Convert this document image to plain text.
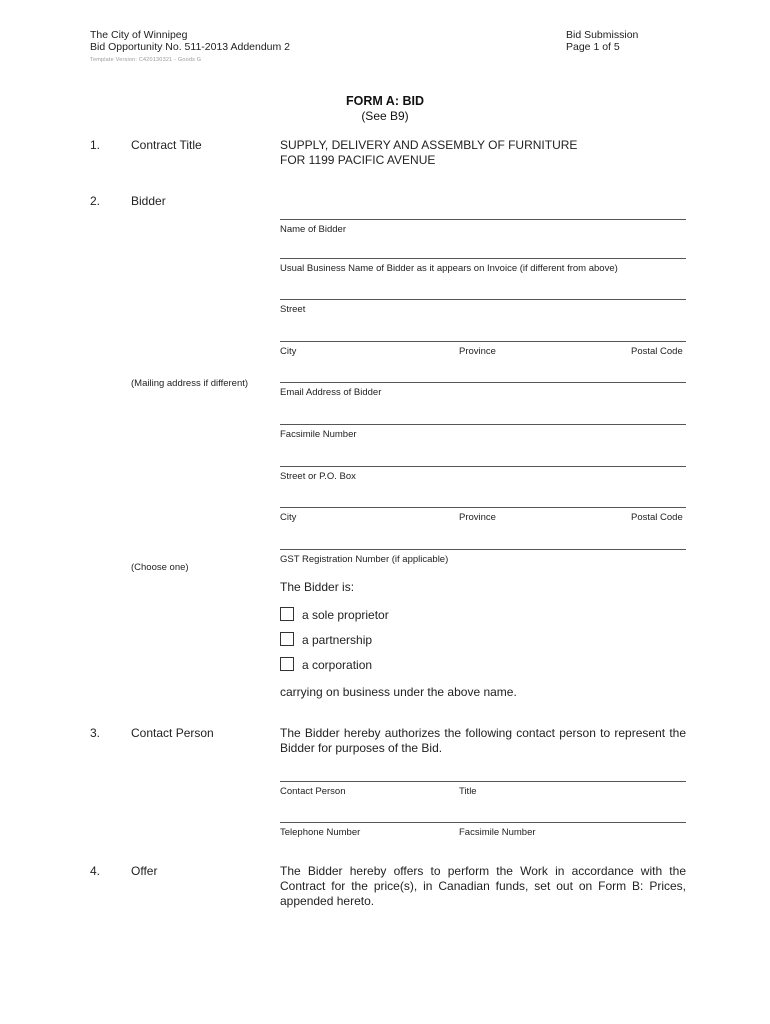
The City of Winnipeg
Bid Opportunity No. 511-2013 Addendum 2
Template Version: C420130321 - Goods G
Bid Submission
Page 1 of 5
FORM A: BID
(See B9)
1.	Contract Title	SUPPLY, DELIVERY AND ASSEMBLY OF FURNITURE
FOR 1199 PACIFIC AVENUE
2.	Bidder
Name of Bidder
Usual Business Name of Bidder as it appears on Invoice (if different from above)
Street
City	Province	Postal Code
(Mailing address if different)
Email Address of Bidder
Facsimile Number
Street or P.O. Box
City	Province	Postal Code
GST Registration Number (if applicable)
(Choose one)
The Bidder is:
a sole proprietor
a partnership
a corporation
carrying on business under the above name.
3.	Contact Person	The Bidder hereby authorizes the following contact person to represent the Bidder for purposes of the Bid.
Contact Person	Title
Telephone Number	Facsimile Number
4.	Offer	The Bidder hereby offers to perform the Work in accordance with the Contract for the price(s), in Canadian funds, set out on Form B: Prices, appended hereto.
